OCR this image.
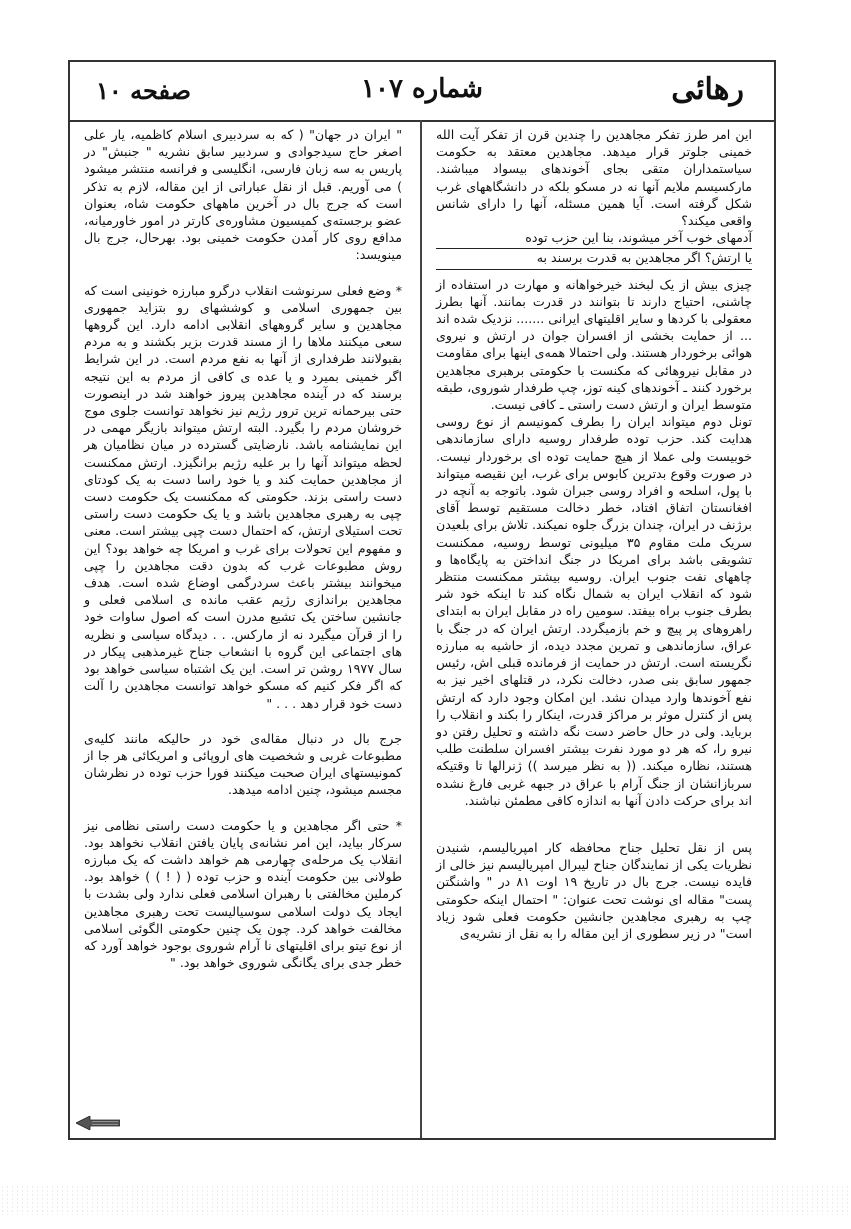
رهائی
شماره ۱۰۷
صفحه ۱۰

این امر طرز تفکر مجاهدین را چندین قرن از تفکر آیت الله خمینی جلوتر قرار میدهد. مجاهدین معتقد به حکومت سیاستمداران متقی بجای آخوندهای بیسواد میباشند. مارکسیسم ملایم آنها نه در مسکو بلکه در دانشگاههای غرب شکل گرفته است. آیا همین مسئله، آنها را دارای شانس واقعی میکند؟

آدمهای خوب آخر میشوند، بنا این حزب توده

یا ارتش؟ اگر مجاهدین به قدرت برسند به

چیزی بیش از یک لبخند خیرخواهانه و مهارت در استفاده از چاشنی، احتیاج دارند تا بتوانند در قدرت بمانند. آنها بطرز معقولی با کردها و سایر اقلیتهای ایرانی ....... نزدیک شده اند ... از حمایت بخشی از افسران جوان در ارتش و نیروی هوائی برخوردار هستند. ولی احتمالا همه‌ی اینها برای مقاومت در مقابل نیروهائی که مکنست با حکومتی برهبری مجاهدین برخورد کنند ـ آخوندهای کینه توز، چپ طرفدار شوروی، طبقه متوسط ایران و ارتش دست راستی ـ کافی نیست.

تونل دوم میتواند ایران را بطرف کمونیسم از نوع روسی هدایت کند. حزب توده طرفدار روسیه دارای سازماندهی خوبیست ولی عملا از هیچ حمایت توده ای برخوردار نیست. در صورت وقوع بدترین کابوس برای غرب، این نقیصه میتواند با پول، اسلحه و افراد روسی جبران شود. باتوجه به آنچه در افغانستان اتفاق افتاد، خطر دخالت مستقیم توسط آقای برژنف در ایران، چندان بزرگ جلوه نمیکند. تلاش برای بلعیدن سریک ملت مقاوم ۳۵ میلیونی توسط روسیه، ممکنست تشویقی باشد برای امریکا در جنگ انداختن به پایگاه‌ها و چاههای نفت جنوب ایران. روسیه بیشتر ممکنست منتظر شود که انقلاب ایران به شمال نگاه کند تا اینکه خود شر بطرف جنوب براه بیفتد. سومین راه در مقابل ایران به ابتدای راهروهای پر پیچ و خم بازمیگردد. ارتش ایران که در جنگ با عراق، سازماندهی و تمرین مجدد دیده، از حاشیه به مبارزه نگریسته است. ارتش در حمایت از فرمانده قبلی اش، رئیس جمهور سابق بنی صدر، دخالت نکرد، در قتلهای اخیر نیز به نفع آخوندها وارد میدان نشد. این امکان وجود دارد که ارتش پس از کنترل موثر بر مراکز قدرت، اینکار را بکند و انقلاب را برباید. ولی در حال حاضر دست نگه داشته و تحلیل رفتن دو نیرو را، که هر دو مورد نفرت بیشتر افسران سلطنت طلب هستند، نظاره میکند. (( به نظر میرسد )) ژنرالها تا وقتیکه سربازانشان از جنگ آرام با عراق در جبهه غربی فارغ نشده اند برای حرکت دادن آنها به اندازه کافی مطمئن نباشند.

پس از نقل تحلیل جناح محافظه کار امپریالیسم، شنیدن نظریات یکی از نمایندگان جناح لیبرال امپریالیسم نیز خالی از فایده نیست. جرج بال در تاریخ ۱۹ اوت ۸۱ در " واشنگتن پست" مقاله ای نوشت تحت عنوان: " احتمال اینکه حکومتی چپ به رهبری مجاهدین جانشین حکومت فعلی شود زیاد است" در زیر سطوری از این مقاله را به نقل از نشریه‌ی

" ایران در جهان" ( که به سردبیری اسلام کاظمیه، یار علی اصغر حاج سیدجوادی و سردبیر سابق نشریه " جنبش" در پاریس به سه زبان فارسی، انگلیسی و فرانسه منتشر میشود ) می آوریم. قبل از نقل عباراتی از این مقاله، لازم به تذکر است که جرج بال در آخرین ماههای حکومت شاه، بعنوان عضو برجسته‌ی کمیسیون مشاوره‌ی کارتر در امور خاورمیانه، مدافع روی کار آمدن حکومت خمینی بود. بهرحال، جرج بال مینویسد:

* وضع فعلی سرنوشت انقلاب درگرو مبارزه خونینی است که بین جمهوری اسلامی و کوششهای رو بتزاید جمهوری مجاهدین و سایر گروههای انقلابی ادامه دارد. این گروهها سعی میکنند ملاها را از مسند قدرت بزیر بکشند و به مردم بقبولانند طرفداری از آنها به نفع مردم است. در این شرایط اگر خمینی بمیرد و یا عده ی کافی از مردم به این نتیجه برسند که در آینده مجاهدین پیروز خواهند شد در اینصورت حتی بیرحمانه ترین ترور رژیم نیز نخواهد توانست جلوی موج خروشان مردم را بگیرد. البته ارتش میتواند بازیگر مهمی در این نمایشنامه باشد. نارضایتی گسترده در میان نظامیان هر لحظه میتواند آنها را بر علیه رژیم برانگیزد. ارتش ممکنست از مجاهدین حمایت کند و یا خود راسا دست به یک کودتای دست راستی بزند. حکومتی که ممکنست یک حکومت دست چپی به رهبری مجاهدین باشد و یا یک حکومت دست راستی تحت استیلای ارتش، که احتمال دست چپی بیشتر است. معنی و مفهوم این تحولات برای غرب و امریکا چه خواهد بود؟ این روش مطبوعات غرب که بدون دقت مجاهدین را چپی میخوانند بیشتر باعث سردرگمی اوضاع شده است. هدف مجاهدین براندازی رژیم عقب مانده ی اسلامی فعلی و جانشین ساختن یک تشیع مدرن است که اصول ساوات خود را از قرآن میگیرد نه از مارکس. . . دیدگاه سیاسی و نظریه های اجتماعی این گروه با انشعاب جناح غیرمذهبی پیکار در سال ۱۹۷۷ روشن تر است. این یک اشتباه سیاسی خواهد بود که اگر فکر کنیم که مسکو خواهد توانست مجاهدین را آلت دست خود قرار دهد . . . "

جرج بال در دنبال مقاله‌ی خود در حالیکه مانند کلیه‌ی مطبوعات غربی و شخصیت های اروپائی و امریکائی هر جا از کمونیستهای ایران صحبت میکنند فورا حزب توده در نظرشان مجسم میشود، چنین ادامه میدهد.

* حتی اگر مجاهدین و یا حکومت دست راستی نظامی نیز سرکار بیاید، این امر نشانه‌ی پایان یافتن انقلاب نخواهد بود. انقلاب یک مرحله‌ی چهارمی هم خواهد داشت که یک مبارزه طولانی بین حکومت آینده و حزب توده ( ( ! ) ) خواهد بود. کرملین مخالفتی با رهبران اسلامی فعلی ندارد ولی بشدت با ایجاد یک دولت اسلامی سوسیالیست تحت رهبری مجاهدین مخالفت خواهد کرد. چون یک چنین حکومتی الگوئی اسلامی از نوع تیتو برای اقلیتهای نا آرام شوروی بوجود خواهد آورد که خطر جدی برای یگانگی شوروی خواهد بود. "
